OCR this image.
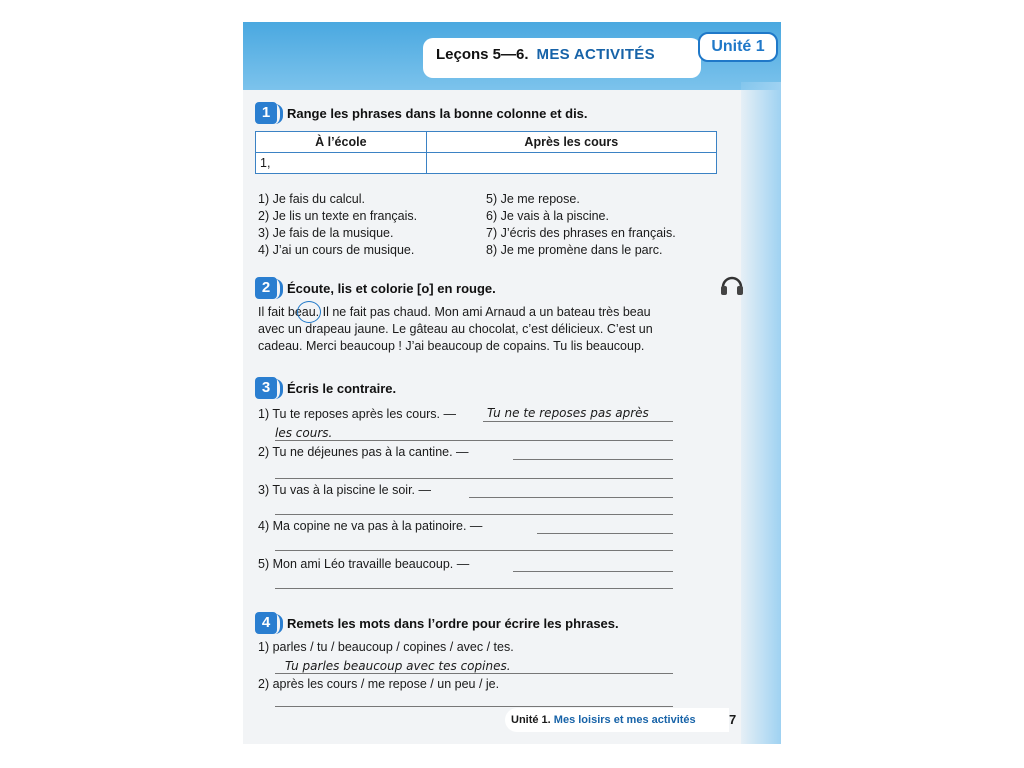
Leçons 5—6. MES ACTIVITÉS	Unité 1
1	Range les phrases dans la bonne colonne et dis.
À l’école	Après les cours
1,	
1) Je fais du calcul.
2) Je lis un texte en français.
3) Je fais de la musique.
4) J’ai un cours de musique.
5) Je me repose.
6) Je vais à la piscine.
7) J’écris des phrases en français.
8) Je me promène dans le parc.
2	Écoute, lis et colorie [o] en rouge.
Il fait beau. Il ne fait pas chaud. Mon ami Arnaud a un bateau très beau
avec un drapeau jaune. Le gâteau au chocolat, c’est délicieux. C’est un
cadeau. Merci beaucoup ! J’ai beaucoup de copains. Tu lis beaucoup.
3	Écris le contraire.
1) Tu te reposes après les cours. —	Tu ne te reposes pas après
les cours.
2) Tu ne déjeunes pas à la cantine. —
3) Tu vas à la piscine le soir. —
4) Ma copine ne va pas à la patinoire. —
5) Mon ami Léo travaille beaucoup. —
4	Remets les mots dans l’ordre pour écrire les phrases.
1) parles / tu / beaucoup / copines / avec / tes.
Tu parles beaucoup avec tes copines.
2) après les cours / me repose / un peu / je.
Unité 1. Mes loisirs et mes activités	7
